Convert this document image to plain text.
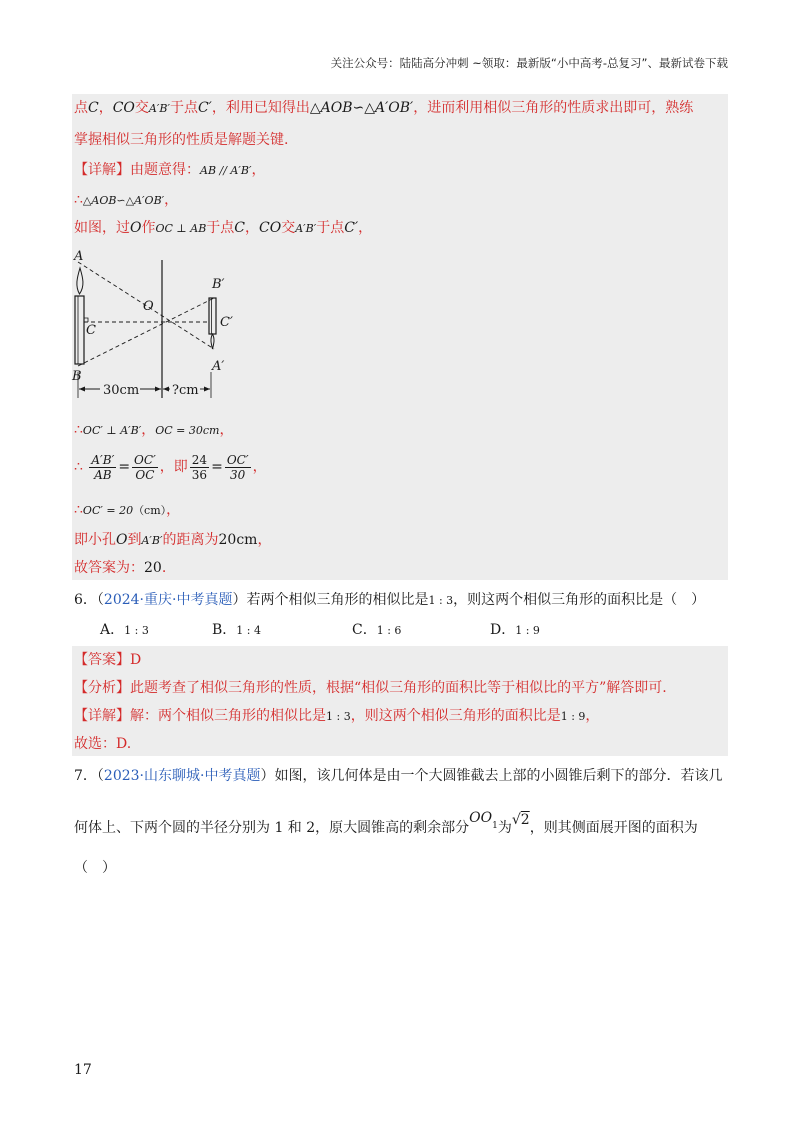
关注公众号：陆陆高分冲刺 ~领取：最新版“小中高考-总复习”、最新试卷下载
点C，CO交A′B′于点C′，利用已知得出△AOB∽△A′OB′，进而利用相似三角形的性质求出即可，熟练
掌握相似三角形的性质是解题关键.
【详解】由题意得：AB // A′B′，
∴△AOB∽△A′OB′，
如图，过O作OC ⊥ AB于点C，CO交A′B′于点C′，
A
B
C
O
B′
C′
A′
30cm	?cm
∴OC′ ⊥ A′B′，OC = 30cm，
∴ $\frac{A'B'}{AB} = \frac{OC'}{OC}$ ，即 $\frac{24}{36} = \frac{OC'}{30}$ ，
∴OC′ = 20（cm），
即小孔O到A′B′的距离为20cm，
故答案为：20.
6．（2024·重庆·中考真题）若两个相似三角形的相似比是1 : 3，则这两个相似三角形的面积比是（　）
A．1 : 3	B．1 : 4	C．1 : 6	D．1 : 9
【答案】D
【分析】此题考查了相似三角形的性质，根据“相似三角形的面积比等于相似比的平方”解答即可.
【详解】解：两个相似三角形的相似比是1 : 3，则这两个相似三角形的面积比是1 : 9，
故选：D.
7．（2023·山东聊城·中考真题）如图，该几何体是由一个大圆锥截去上部的小圆锥后剩下的部分．若该几
何体上、下两个圆的半径分别为 1 和 2，原大圆锥高的剩余部分$OO^1$为√2，则其侧面展开图的面积为
（　）
17
